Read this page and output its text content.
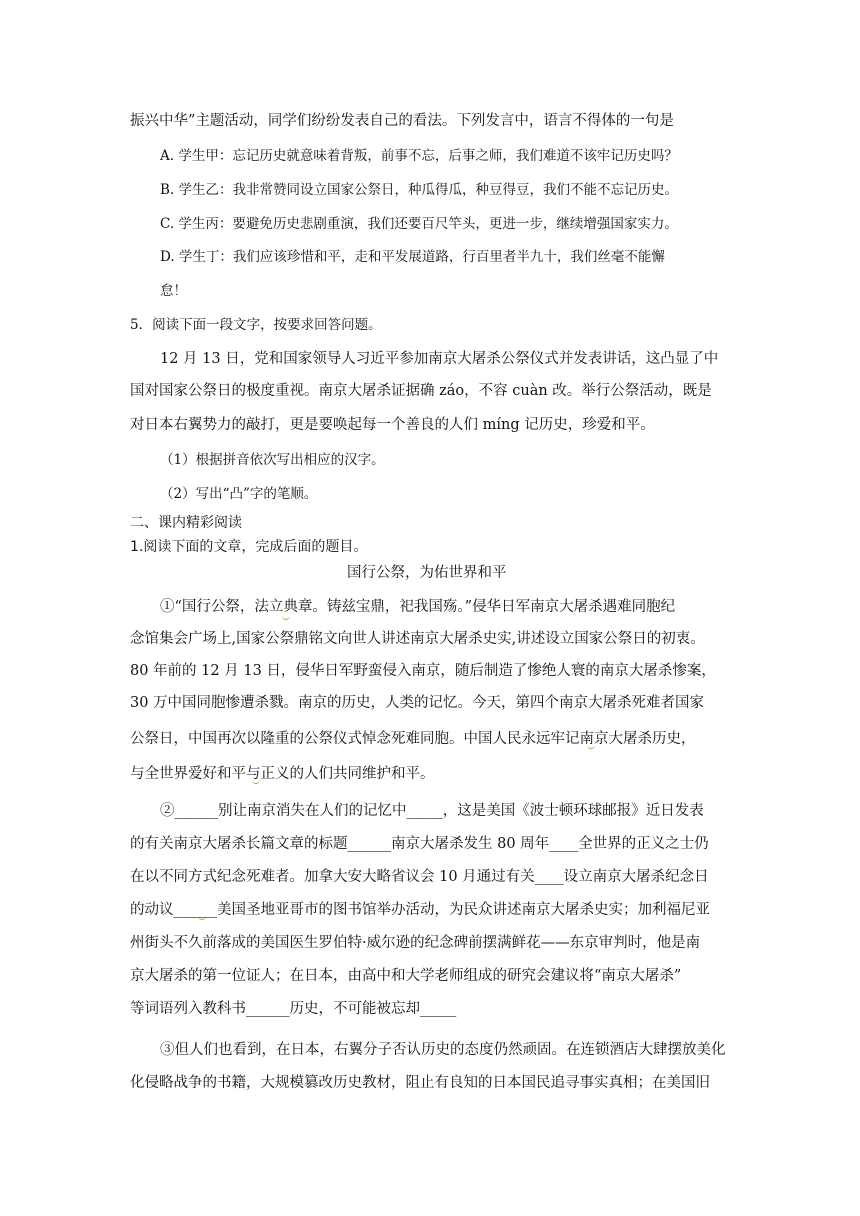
振兴中华”主题活动，同学们纷纷发表自己的看法。下列发言中，语言不得体的一句是
A. 学生甲：忘记历史就意味着背叛，前事不忘，后事之师，我们难道不该牢记历史吗？
B. 学生乙：我非常赞同设立国家公祭日，种瓜得瓜，种豆得豆，我们不能不忘记历史。
C. 学生丙：要避免历史悲剧重演，我们还要百尺竿头，更进一步，继续增强国家实力。
D. 学生丁：我们应该珍惜和平，走和平发展道路，行百里者半九十，我们丝毫不能懈
怠！
5．阅读下面一段文字，按要求回答问题。
12 月 13 日，党和国家领导人习近平参加南京大屠杀公祭仪式并发表讲话，这凸显了中
国对国家公祭日的极度重视。南京大屠杀证据确 záo，不容 cuàn 改。举行公祭活动，既是
对日本右翼势力的敲打，更是要唤起每一个善良的人们 míng 记历史，珍爱和平。
（1）根据拼音依次写出相应的汉字。
（2）写出“凸”字的笔顺。
二、课内精彩阅读
1.阅读下面的文章，完成后面的题目。
国行公祭，为佑世界和平
①“国行公祭，法立典章。铸兹宝鼎，祀我国殇。”侵华日军南京大屠杀遇难同胞纪
念馆集会广场上,国家公祭鼎铭文向世人讲述南京大屠杀史实,讲述设立国家公祭日的初衷。
80 年前的 12 月 13 日，侵华日军野蛮侵入南京，随后制造了惨绝人寰的南京大屠杀惨案，
30 万中国同胞惨遭杀戮。南京的历史，人类的记忆。今天，第四个南京大屠杀死难者国家
公祭日，中国再次以隆重的公祭仪式悼念死难同胞。中国人民永远牢记南京大屠杀历史，
与全世界爱好和平与正义的人们共同维护和平。
②______别让南京消失在人们的记忆中_____，这是美国《波士顿环球邮报》近日发表
的有关南京大屠杀长篇文章的标题______南京大屠杀发生 80 周年____全世界的正义之士仍
在以不同方式纪念死难者。加拿大安大略省议会 10 月通过有关____设立南京大屠杀纪念日
的动议______美国圣地亚哥市的图书馆举办活动，为民众讲述南京大屠杀史实；加利福尼亚
州街头不久前落成的美国医生罗伯特·威尔逊的纪念碑前摆满鲜花——东京审判时，他是南
京大屠杀的第一位证人；在日本，由高中和大学老师组成的研究会建议将“南京大屠杀”
等词语列入教科书______历史，不可能被忘却_____
③但人们也看到，在日本，右翼分子否认历史的态度仍然顽固。在连锁酒店大肆摆放美化
化侵略战争的书籍，大规模篡改历史教材，阻止有良知的日本国民追寻事实真相；在美国旧
